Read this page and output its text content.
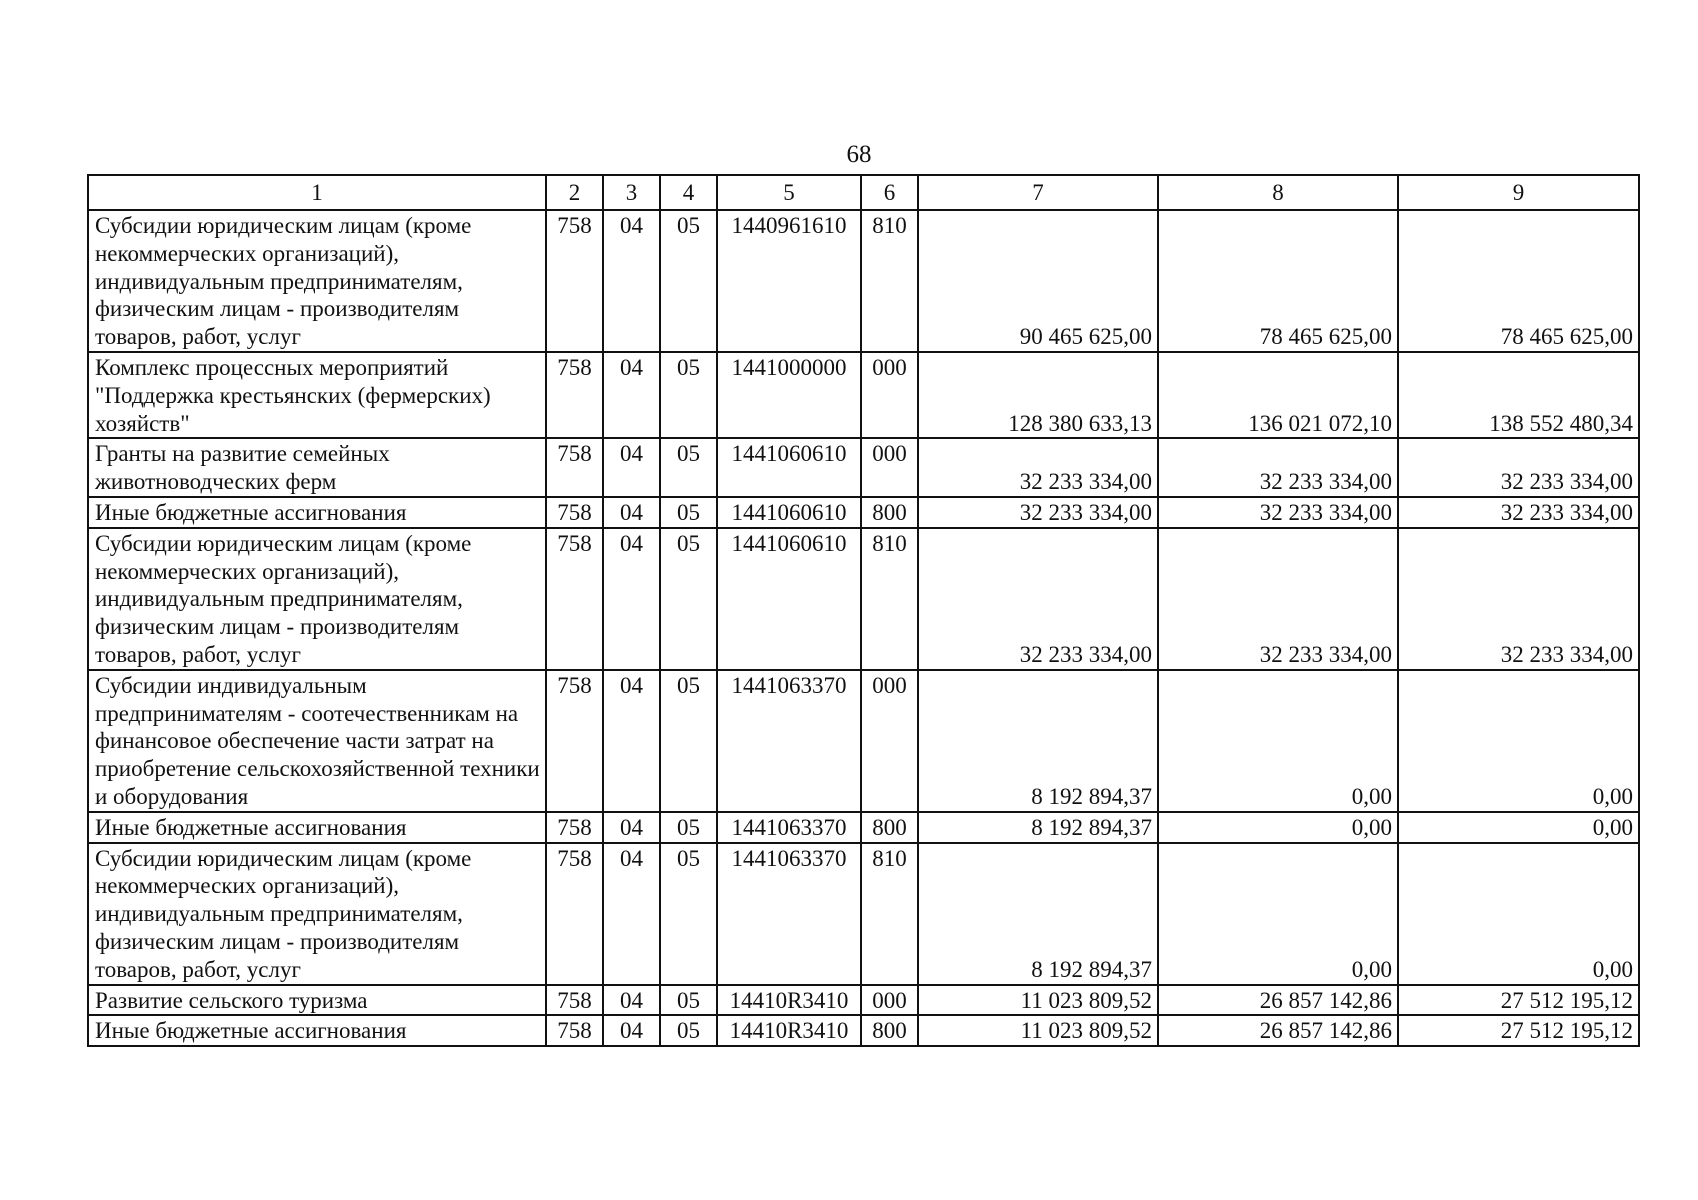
68
1	2	3	4	5	6	7	8	9
Субсидии юридическим лицам (кроме некоммерческих организаций), индивидуальным предпринимателям, физическим лицам - производителям товаров, работ, услуг	758	04	05	1440961610	810	90 465 625,00	78 465 625,00	78 465 625,00
Комплекс процессных мероприятий "Поддержка крестьянских (фермерских) хозяйств"	758	04	05	1441000000	000	128 380 633,13	136 021 072,10	138 552 480,34
Гранты на развитие семейных животноводческих ферм	758	04	05	1441060610	000	32 233 334,00	32 233 334,00	32 233 334,00
Иные бюджетные ассигнования	758	04	05	1441060610	800	32 233 334,00	32 233 334,00	32 233 334,00
Субсидии юридическим лицам (кроме некоммерческих организаций), индивидуальным предпринимателям, физическим лицам - производителям товаров, работ, услуг	758	04	05	1441060610	810	32 233 334,00	32 233 334,00	32 233 334,00
Субсидии индивидуальным предпринимателям - соотечественникам на финансовое обеспечение части затрат на приобретение сельскохозяйственной техники и оборудования	758	04	05	1441063370	000	8 192 894,37	0,00	0,00
Иные бюджетные ассигнования	758	04	05	1441063370	800	8 192 894,37	0,00	0,00
Субсидии юридическим лицам (кроме некоммерческих организаций), индивидуальным предпринимателям, физическим лицам - производителям товаров, работ, услуг	758	04	05	1441063370	810	8 192 894,37	0,00	0,00
Развитие сельского туризма	758	04	05	14410R3410	000	11 023 809,52	26 857 142,86	27 512 195,12
Иные бюджетные ассигнования	758	04	05	14410R3410	800	11 023 809,52	26 857 142,86	27 512 195,12
